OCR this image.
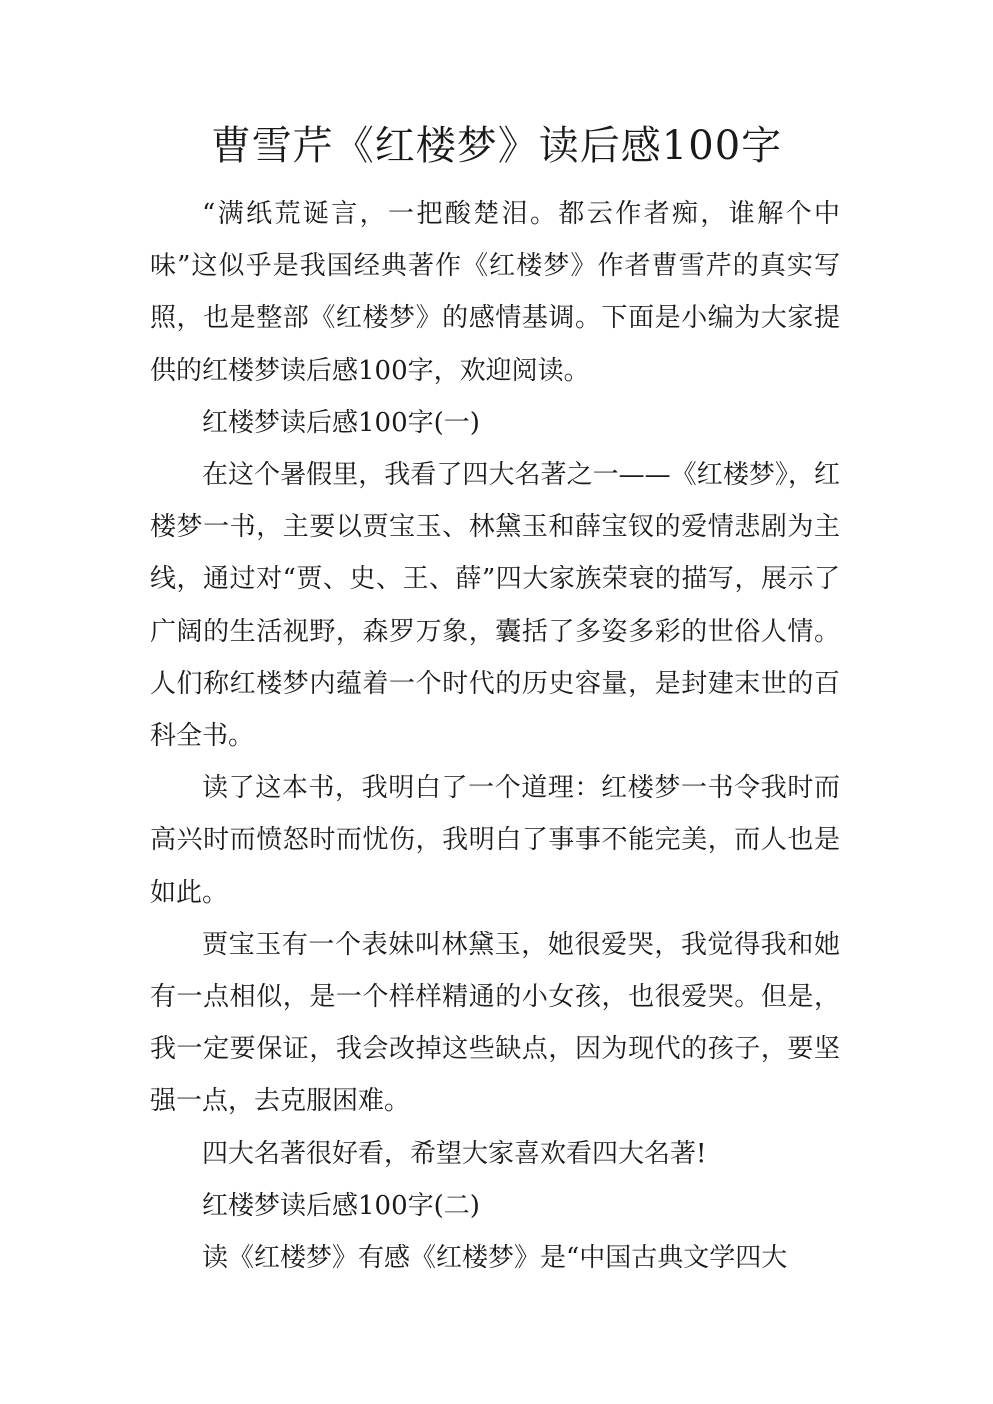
曹雪芹《红楼梦》读后感100字

“满纸荒诞言，一把酸楚泪。都云作者痴，谁解个中味”这似乎是我国经典著作《红楼梦》作者曹雪芹的真实写照，也是整部《红楼梦》的感情基调。下面是小编为大家提供的红楼梦读后感100字，欢迎阅读。

红楼梦读后感100字(一)

在这个暑假里，我看了四大名著之一——《红楼梦》，红楼梦一书，主要以贾宝玉、林黛玉和薛宝钗的爱情悲剧为主线，通过对“贾、史、王、薛”四大家族荣衰的描写，展示了广阔的生活视野，森罗万象，囊括了多姿多彩的世俗人情。人们称红楼梦内蕴着一个时代的历史容量，是封建末世的百科全书。

读了这本书，我明白了一个道理：红楼梦一书令我时而高兴时而愤怒时而忧伤，我明白了事事不能完美，而人也是如此。

贾宝玉有一个表妹叫林黛玉，她很爱哭，我觉得我和她有一点相似，是一个样样精通的小女孩，也很爱哭。但是，我一定要保证，我会改掉这些缺点，因为现代的孩子，要坚强一点，去克服困难。

四大名著很好看，希望大家喜欢看四大名著!

红楼梦读后感100字(二)

读《红楼梦》有感《红楼梦》是“中国古典文学四大
